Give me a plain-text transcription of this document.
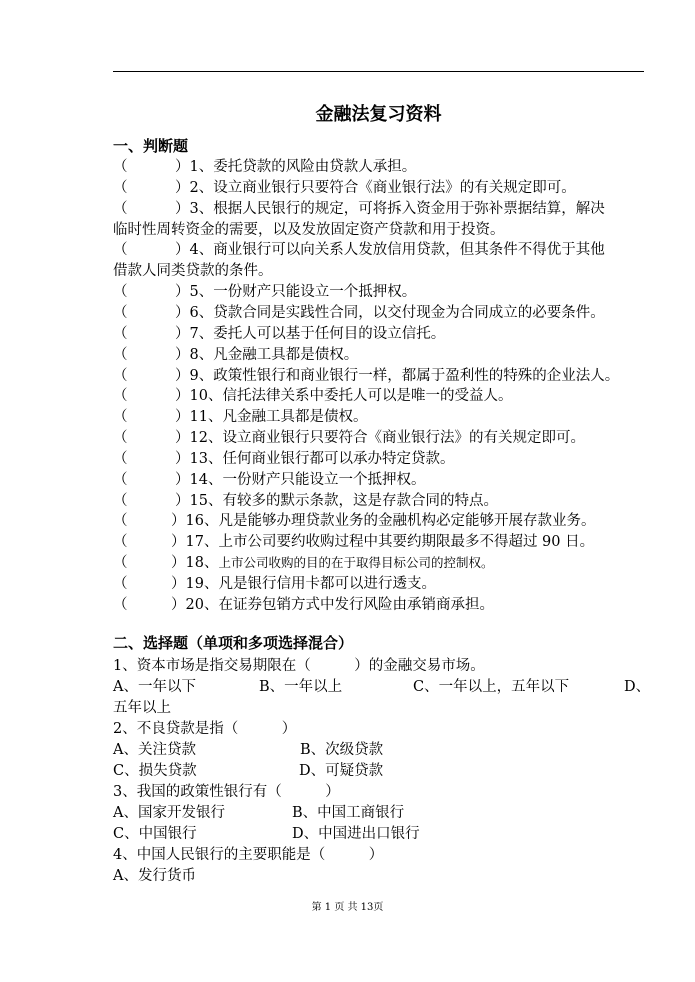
金融法复习资料
一、判断题
（	）1、委托贷款的风险由贷款人承担。
（	）2、设立商业银行只要符合《商业银行法》的有关规定即可。
（	）3、根据人民银行的规定，可将拆入资金用于弥补票据结算，解决
临时性周转资金的需要，以及发放固定资产贷款和用于投资。
（	）4、商业银行可以向关系人发放信用贷款，但其条件不得优于其他
借款人同类贷款的条件。
（	）5、一份财产只能设立一个抵押权。
（	）6、贷款合同是实践性合同，以交付现金为合同成立的必要条件。
（	）7、委托人可以基于任何目的设立信托。
（	）8、凡金融工具都是债权。
（	）9、政策性银行和商业银行一样，都属于盈利性的特殊的企业法人。
（	）10、信托法律关系中委托人可以是唯一的受益人。
（	）11、凡金融工具都是债权。
（	）12、设立商业银行只要符合《商业银行法》的有关规定即可。
（	）13、任何商业银行都可以承办特定贷款。
（	）14、一份财产只能设立一个抵押权。
（	）15、有较多的默示条款，这是存款合同的特点。
（	）16、凡是能够办理贷款业务的金融机构必定能够开展存款业务。
（	）17、上市公司要约收购过程中其要约期限最多不得超过 90 日。
（	）18、上市公司收购的目的在于取得目标公司的控制权。
（	）19、凡是银行信用卡都可以进行透支。
（	）20、在证券包销方式中发行风险由承销商承担。
二、选择题（单项和多项选择混合）
1、资本市场是指交易期限在（　　　）的金融交易市场。
A、一年以下	B、一年以上	C、一年以上，五年以下	D、
五年以上
2、不良贷款是指（　　　）
A、关注贷款	B、次级贷款
C、损失贷款	D、可疑贷款
3、我国的政策性银行有（　　　）
A、国家开发银行	B、中国工商银行
C、中国银行	D、中国进出口银行
4、中国人民银行的主要职能是（　　　）
A、发行货币
第 1 页 共 13页
